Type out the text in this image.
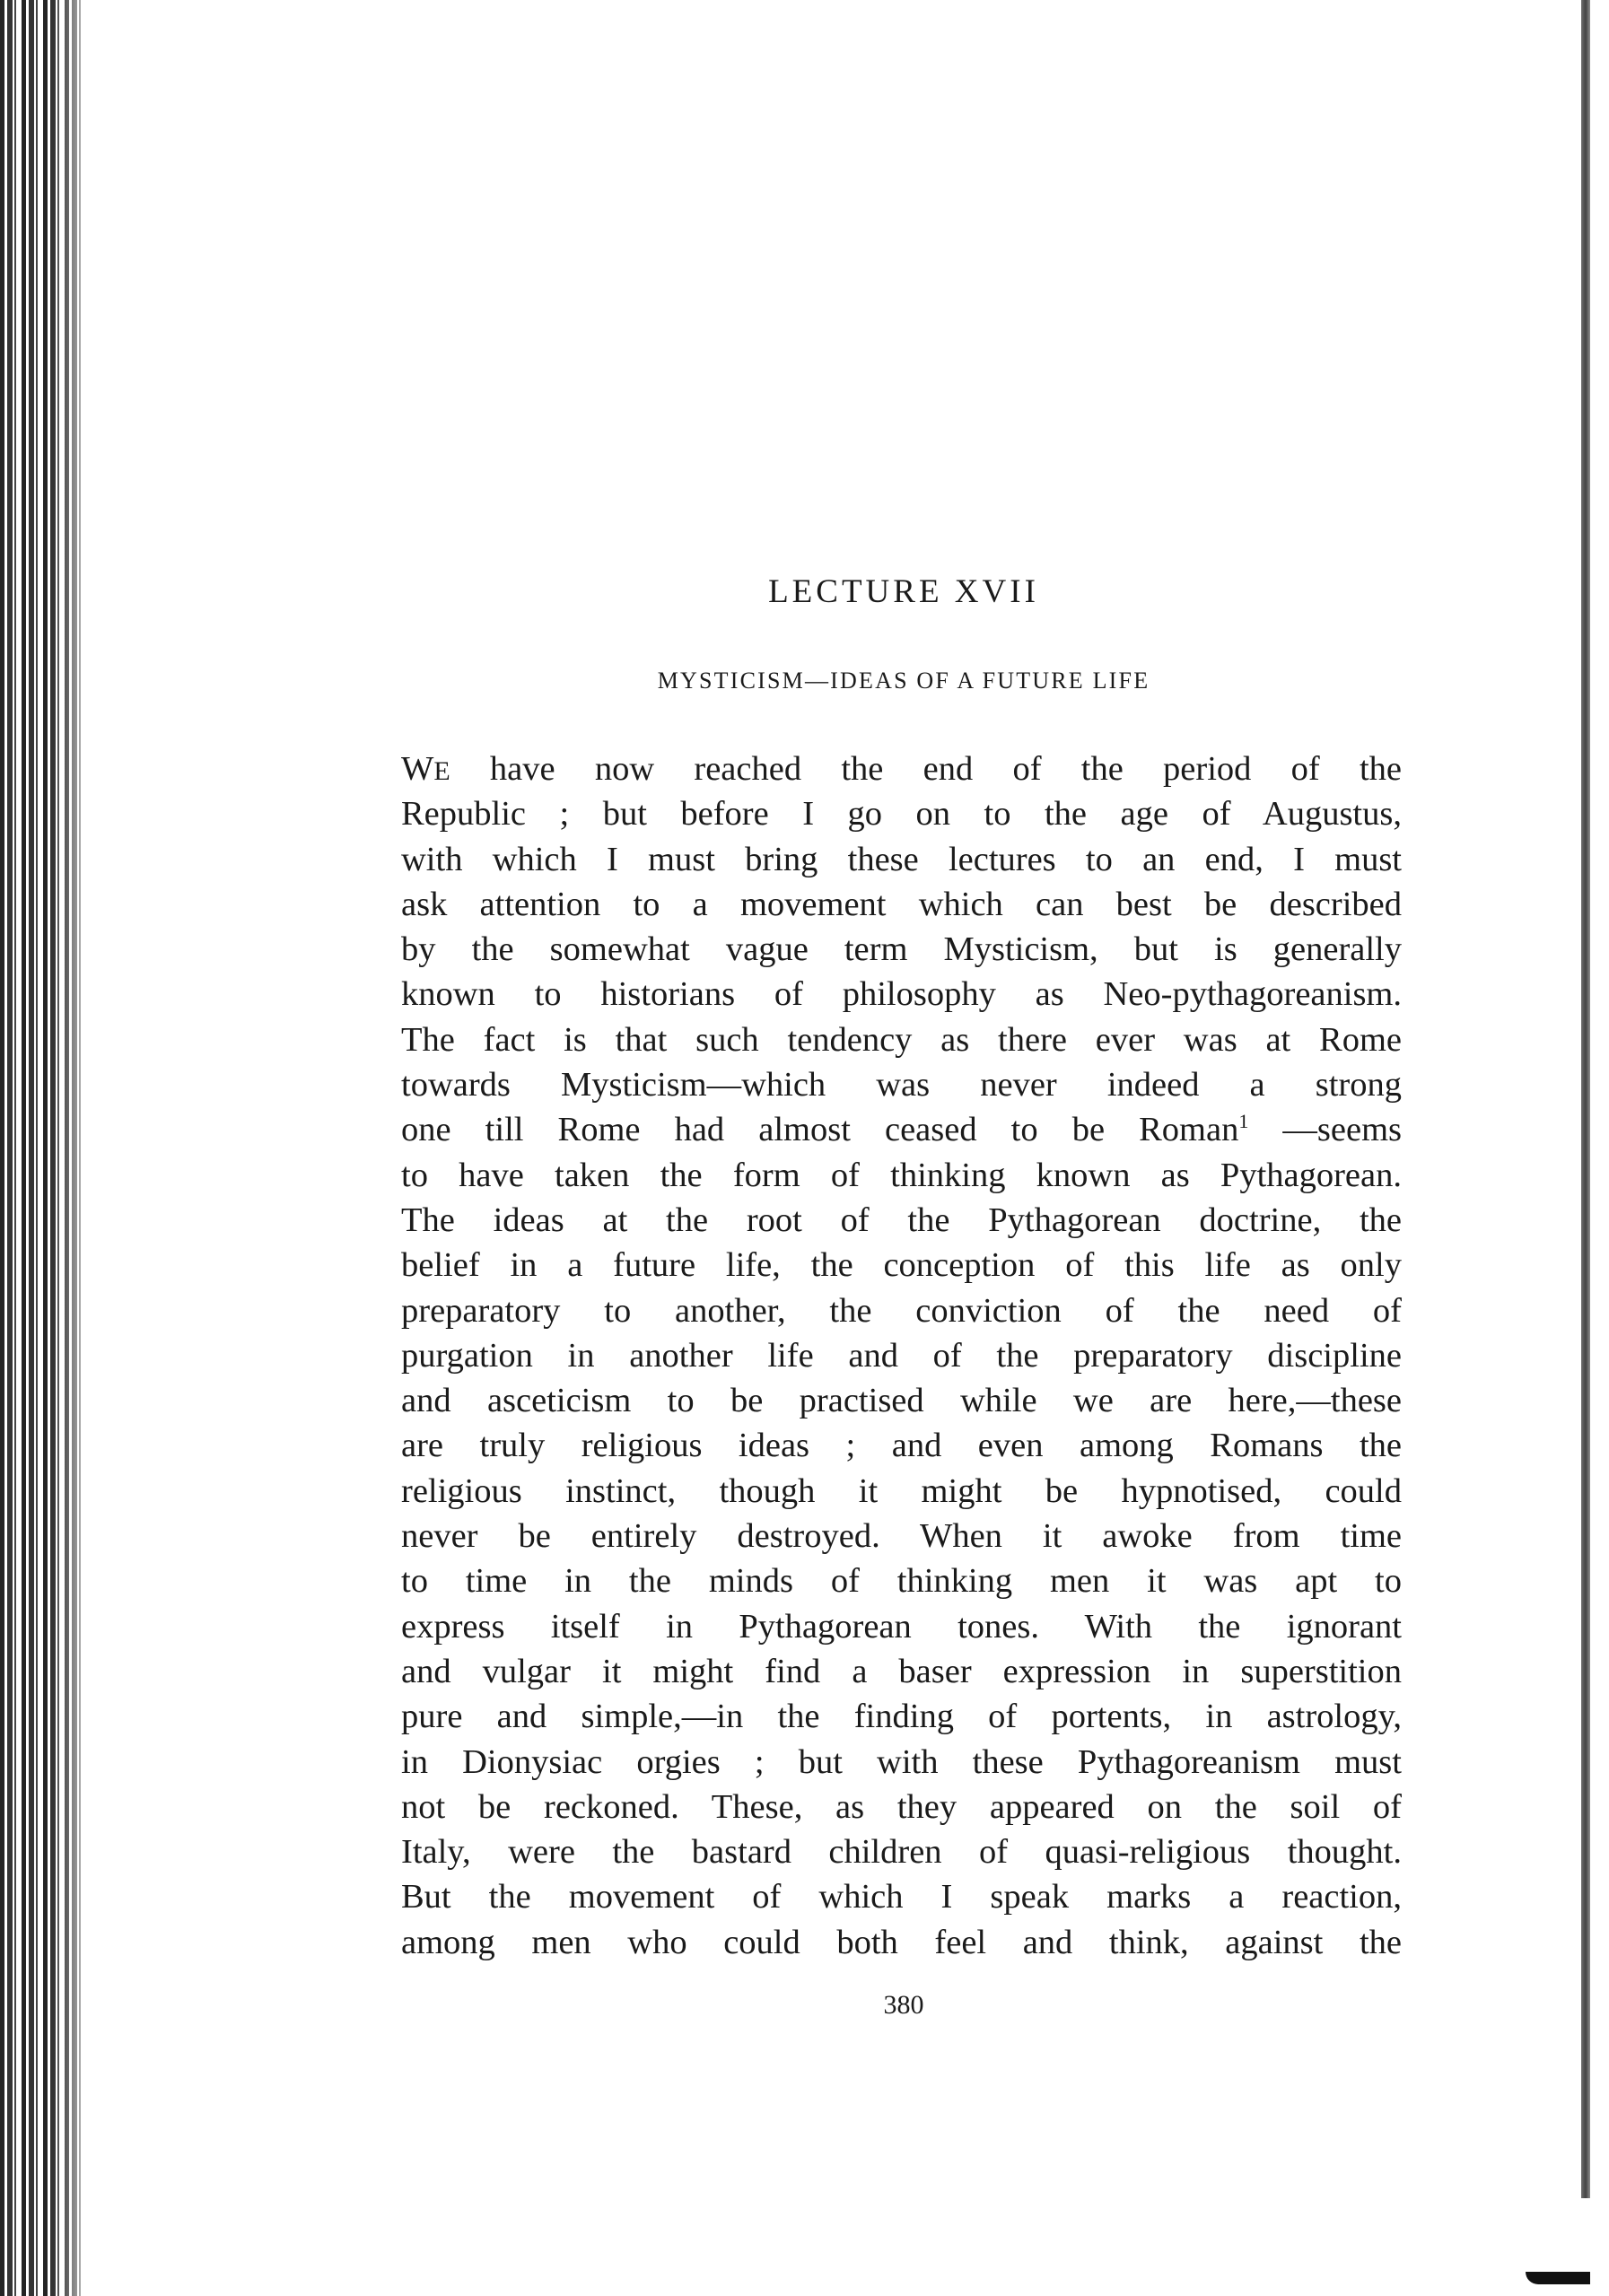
LECTURE XVII
MYSTICISM—IDEAS OF A FUTURE LIFE
WE have now reached the end of the period of the
Republic ; but before I go on to the age of Augustus,
with which I must bring these lectures to an end, I must
ask attention to a movement which can best be described
by the somewhat vague term Mysticism, but is generally
known to historians of philosophy as Neo-pythagoreanism.
The fact is that such tendency as there ever was at Rome
towards Mysticism—which was never indeed a strong
one till Rome had almost ceased to be Roman$^1$ —seems
to have taken the form of thinking known as Pythagorean.
The ideas at the root of the Pythagorean doctrine, the
belief in a future life, the conception of this life as only
preparatory to another, the conviction of the need of
purgation in another life and of the preparatory discipline
and asceticism to be practised while we are here,—these
are truly religious ideas ; and even among Romans the
religious instinct, though it might be hypnotised, could
never be entirely destroyed. When it awoke from time
to time in the minds of thinking men it was apt to
express itself in Pythagorean tones. With the ignorant
and vulgar it might find a baser expression in superstition
pure and simple,—in the finding of portents, in astrology,
in Dionysiac orgies ; but with these Pythagoreanism must
not be reckoned. These, as they appeared on the soil of
Italy, were the bastard children of quasi-religious thought.
But the movement of which I speak marks a reaction,
among men who could both feel and think, against the

380
